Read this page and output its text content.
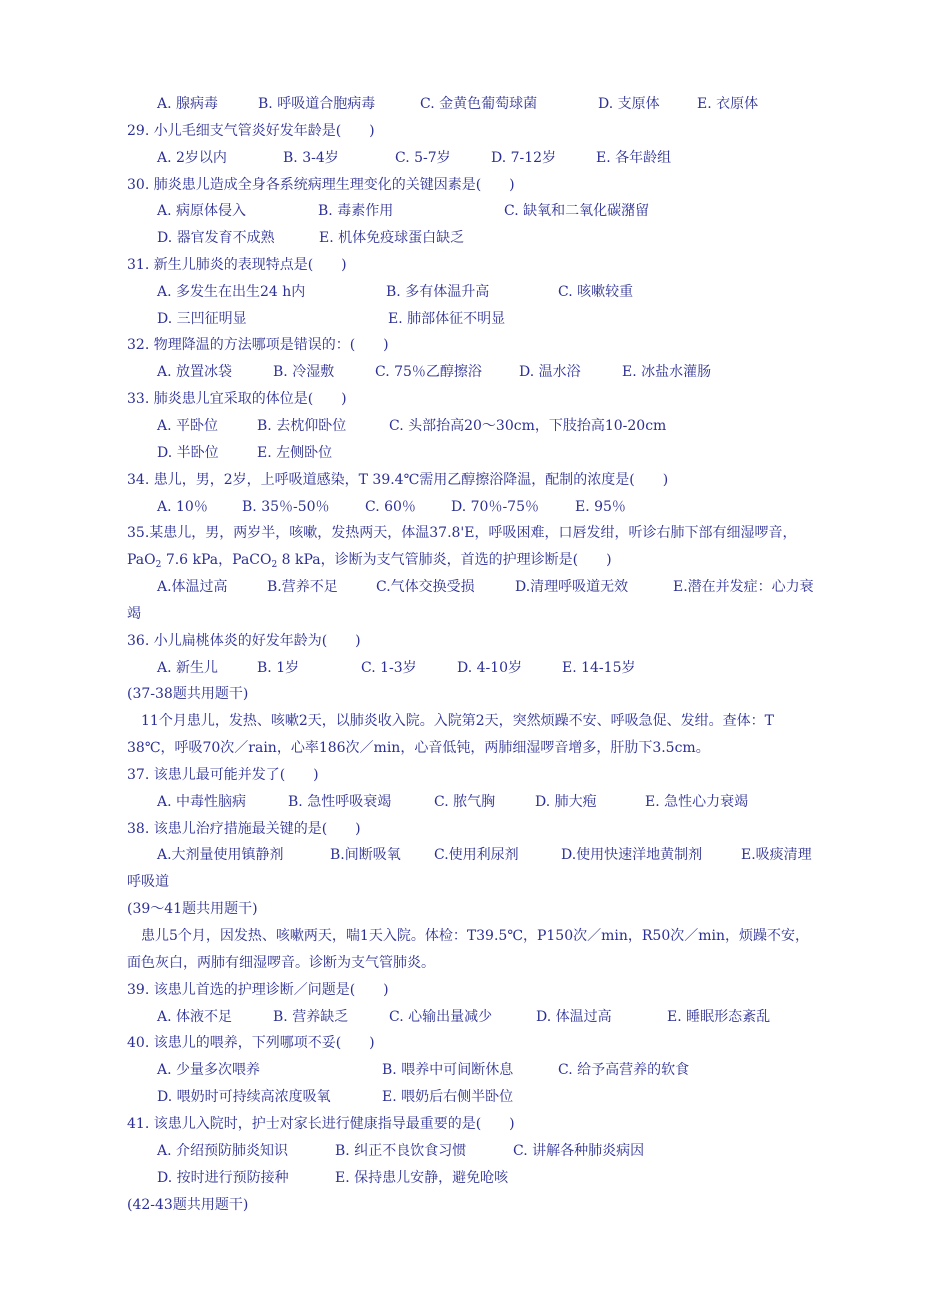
A. 腺病毒	B. 呼吸道合胞病毒	C. 金黄色葡萄球菌	D. 支原体	E. 衣原体
29. 小儿毛细支气管炎好发年龄是(　　)
A. 2岁以内	B. 3-4岁	C. 5-7岁	D. 7-12岁	E. 各年龄组
30. 肺炎患儿造成全身各系统病理生理变化的关键因素是(　　)
A. 病原体侵入	B. 毒素作用	C. 缺氧和二氧化碳潴留
D. 器官发育不成熟	E. 机体免疫球蛋白缺乏
31. 新生儿肺炎的表现特点是(　　)
A. 多发生在出生24 h内	B. 多有体温升高	C. 咳嗽较重
D. 三凹征明显	E. 肺部体征不明显
32. 物理降温的方法哪项是错误的：(　　)
A. 放置冰袋	B. 冷湿敷	C. 75％乙醇擦浴	D. 温水浴	E. 冰盐水灌肠
33. 肺炎患儿宜采取的体位是(　　)
A. 平卧位	B. 去枕仰卧位	C. 头部抬高20～30cm，下肢抬高10-20cm
D. 半卧位	E. 左侧卧位
34. 患儿，男，2岁，上呼吸道感染，T 39.4℃需用乙醇擦浴降温，配制的浓度是(　　)
A. 10％ B. 35％-50％	C. 60％	D. 70％-75％	E. 95％
35.某患儿，男，两岁半，咳嗽，发热两天，体温37.8'E，呼吸困难，口唇发绀，听诊右肺下部有细湿啰音，
PaO$_2$ 7.6 kPa，PaCO$_2$ 8 kPa，诊断为支气管肺炎，首选的护理诊断是(　　)
A.体温过高	B.营养不足	C.气体交换受损	D.清理呼吸道无效	E.潜在并发症：心力衰
竭
36. 小儿扁桃体炎的好发年龄为(　　)
A. 新生儿	B. 1岁	C. 1-3岁	D. 4-10岁	E. 14-15岁
(37-38题共用题干)
11个月患儿，发热、咳嗽2天，以肺炎收入院。入院第2天，突然烦躁不安、呼吸急促、发绀。查体：T
38℃，呼吸70次／rain，心率186次／min，心音低钝，两肺细湿啰音增多，肝肋下3.5cm。
37. 该患儿最可能并发了(　　)
A. 中毒性脑病	B. 急性呼吸衰竭	C. 脓气胸	D. 肺大疱	E. 急性心力衰竭
38. 该患儿治疗措施最关键的是(　　)
A.大剂量使用镇静剂	B.间断吸氧 C.使用利尿剂	D.使用快速洋地黄制剂	E.吸痰清理
呼吸道
(39～41题共用题干)
患儿5个月，因发热、咳嗽两天，喘1天入院。体检：T39.5℃，P150次／min，R50次／min，烦躁不安，
面色灰白，两肺有细湿啰音。诊断为支气管肺炎。
39. 该患儿首选的护理诊断／问题是(　　)
A. 体液不足	B. 营养缺乏	C. 心输出量减少	D. 体温过高	E. 睡眠形态紊乱
40. 该患儿的喂养，下列哪项不妥(　　)
A. 少量多次喂养	B. 喂养中可间断休息	C. 给予高营养的软食
D. 喂奶时可持续高浓度吸氧	E. 喂奶后右侧半卧位
41. 该患儿入院时，护士对家长进行健康指导最重要的是(　　)
A. 介绍预防肺炎知识	B. 纠正不良饮食习惯	C. 讲解各种肺炎病因
D. 按时进行预防接种	E. 保持患儿安静，避免呛咳
(42-43题共用题干)
